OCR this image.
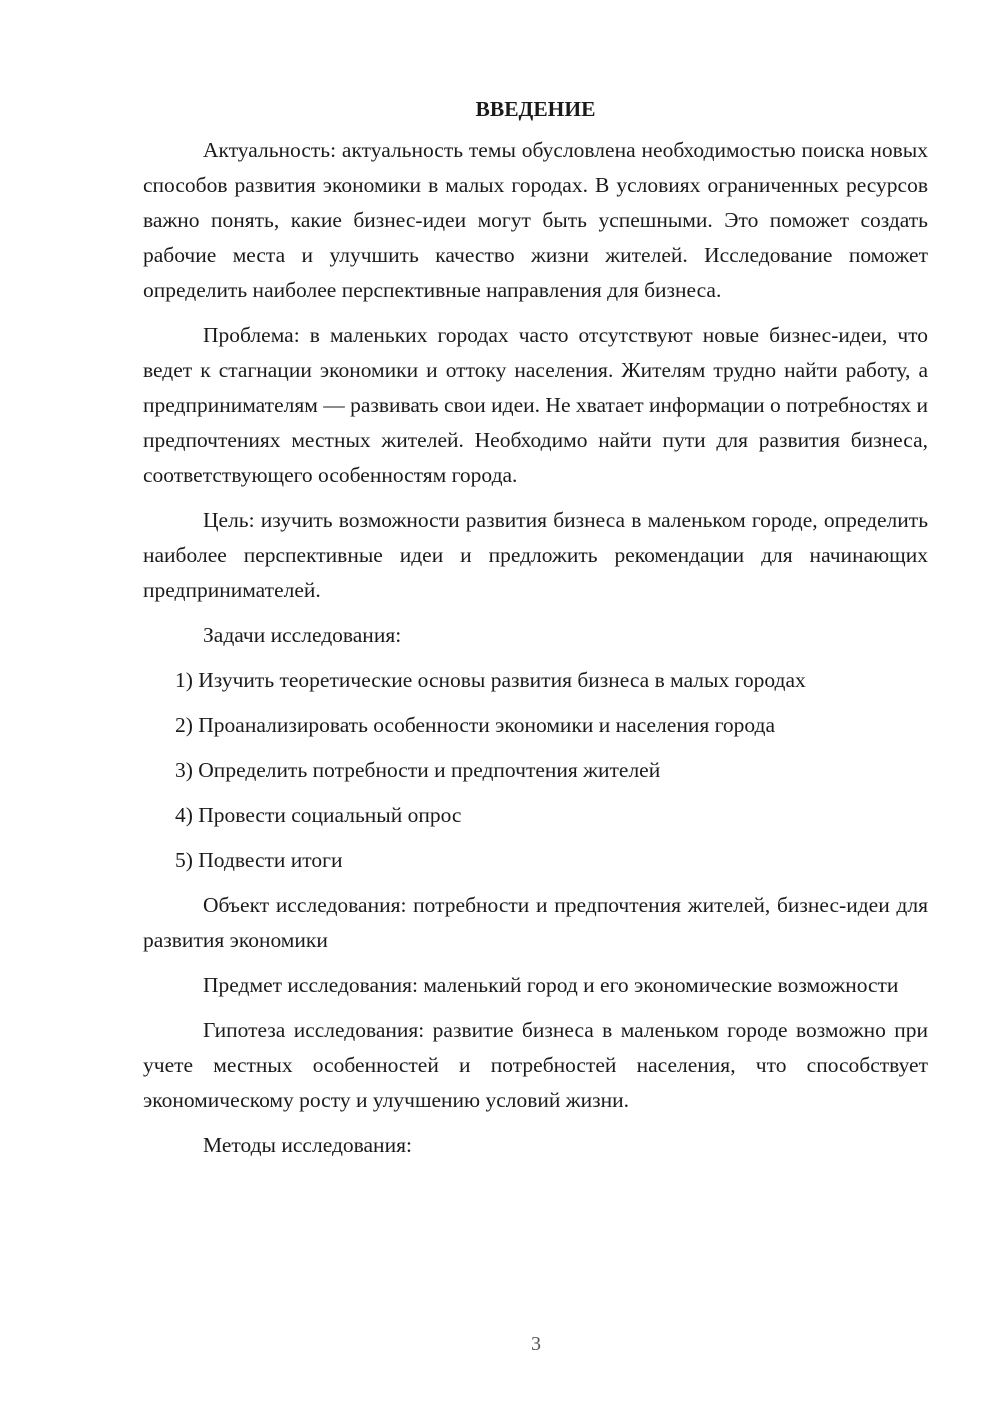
ВВЕДЕНИЕ

Актуальность: актуальность темы обусловлена необходимостью поиска новых способов развития экономики в малых городах. В условиях ограниченных ресурсов важно понять, какие бизнес-идеи могут быть успешными. Это поможет создать рабочие места и улучшить качество жизни жителей. Исследование поможет определить наиболее перспективные направления для бизнеса.

Проблема: в маленьких городах часто отсутствуют новые бизнес-идеи, что ведет к стагнации экономики и оттоку населения. Жителям трудно найти работу, а предпринимателям — развивать свои идеи. Не хватает информации о потребностях и предпочтениях местных жителей. Необходимо найти пути для развития бизнеса, соответствующего особенностям города.

Цель: изучить возможности развития бизнеса в маленьком городе, определить наиболее перспективные идеи и предложить рекомендации для начинающих предпринимателей.

Задачи исследования:

1) Изучить теоретические основы развития бизнеса в малых городах
2) Проанализировать особенности экономики и населения города
3) Определить потребности и предпочтения жителей
4) Провести социальный опрос
5) Подвести итоги

Объект исследования: потребности и предпочтения жителей, бизнес-идеи для развития экономики

Предмет исследования: маленький город и его экономические возможности

Гипотеза исследования: развитие бизнеса в маленьком городе возможно при учете местных особенностей и потребностей населения, что способствует экономическому росту и улучшению условий жизни.

Методы исследования:

3
